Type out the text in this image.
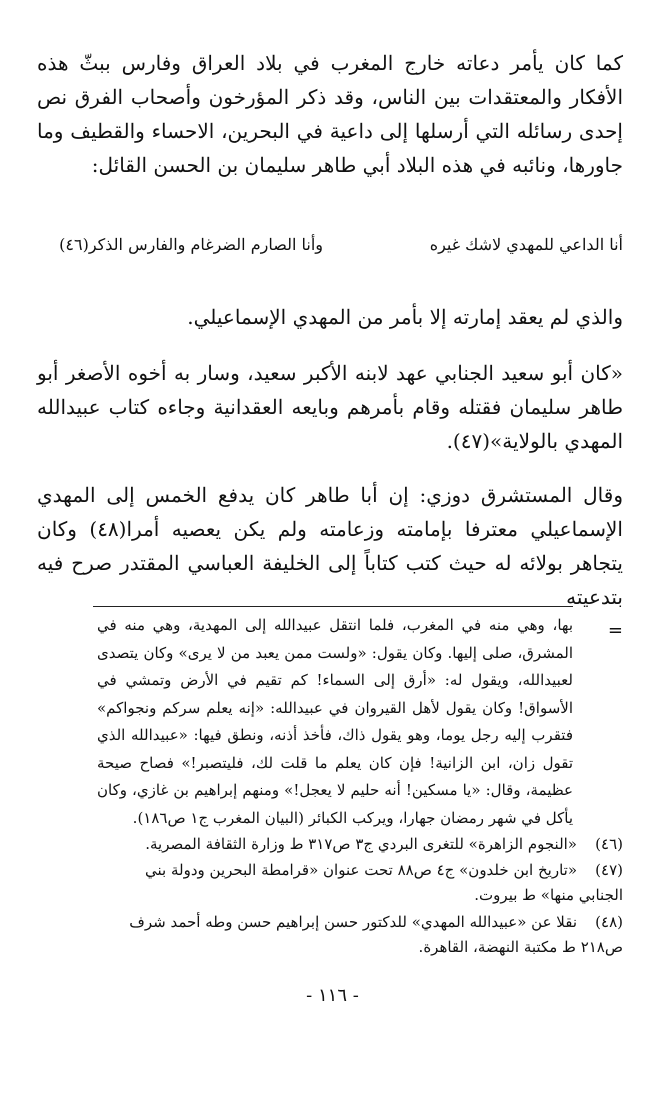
كما كان يأمر دعاته خارج المغرب في بلاد العراق وفارس ببثّ هذه الأفكار والمعتقدات بين الناس، وقد ذكر المؤرخون وأصحاب الفرق نص إحدى رسائله التي أرسلها إلى داعية في البحرين، الاحساء والقطيف وما جاورها، ونائبه في هذه البلاد أبي طاهر سليمان بن الحسن القائل:

أنا الداعي للمهدي لاشك غيره
وأنا الصارم الضرغام والفارس الذكر(٤٦)

والذي لم يعقد إمارته إلا بأمر من المهدي الإسماعيلي.

«كان أبو سعيد الجنابي عهد لابنه الأكبر سعيد، وسار به أخوه الأصغر أبو طاهر سليمان فقتله وقام بأمرهم وبايعه العقدانية وجاءه كتاب عبيدالله المهدي بالولاية»(٤٧).

وقال المستشرق دوزي: إن أبا طاهر كان يدفع الخمس إلى المهدي الإسماعيلي معترفا بإمامته وزعامته ولم يكن يعصيه أمرا(٤٨) وكان يتجاهر بولائه له حيث كتب كتاباً إلى الخليفة العباسي المقتدر صرح فيه بتدعيته

=

بها، وهي منه في المغرب، فلما انتقل عبيدالله إلى المهدية، وهي منه في المشرق، صلى إليها. وكان يقول: «ولست ممن يعبد من لا يرى» وكان يتصدى لعبيدالله، ويقول له: «أرق إلى السماء! كم تقيم في الأرض وتمشي في الأسواق! وكان يقول لأهل القيروان في عبيدالله: «إنه يعلم سركم ونجواكم» فتقرب إليه رجل يوما، وهو يقول ذاك، فأخذ أذنه، ونطق فيها: «عبيدالله الذي تقول زان، ابن الزانية! فإن كان يعلم ما قلت لك، فليتصبر!» فصاح صيحة عظيمة، وقال: «يا مسكين! أنه حليم لا يعجل!» ومنهم إبراهيم بن غازي، وكان يأكل في شهر رمضان جهارا، ويركب الكبائر (البيان المغرب ج١ ص١٨٦).

(٤٦)«النجوم الزاهرة» للتغرى البردي ج٣ ص٣١٧ ط وزارة الثقافة المصرية.
(٤٧)«تاريخ ابن خلدون» ج٤ ص٨٨ تحت عنوان «قرامطة البحرين ودولة بني الجنابي منها» ط بيروت.
(٤٨)نقلا عن «عبيدالله المهدي» للدكتور حسن إبراهيم حسن وطه أحمد شرف ص٢١٨ ط مكتبة النهضة، القاهرة.
- ١١٦ -
